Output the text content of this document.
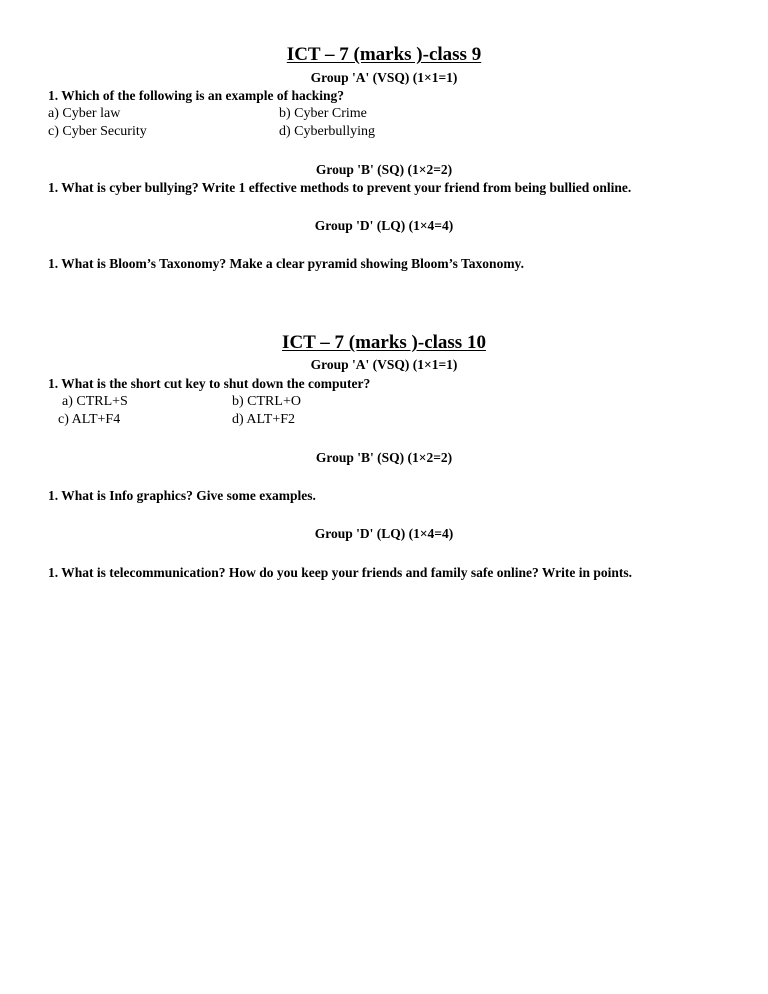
ICT – 7 (marks )-class 9
Group 'A' (VSQ) (1×1=1)
1. Which of the following is an example of hacking?
a) Cyber law	b) Cyber Crime
c) Cyber Security	d) Cyberbullying
Group 'B' (SQ) (1×2=2)
1. What is cyber bullying? Write 1 effective methods to prevent your friend from being bullied online.
Group 'D' (LQ) (1×4=4)
1. What is Bloom’s Taxonomy? Make a clear pyramid showing Bloom’s Taxonomy.
ICT – 7 (marks )-class 10
Group 'A' (VSQ) (1×1=1)
1. What is the short cut key to shut down the computer?
a) CTRL+S	b) CTRL+O
c) ALT+F4	d) ALT+F2
Group 'B' (SQ) (1×2=2)
1. What is Info graphics? Give some examples.
Group 'D' (LQ) (1×4=4)
1. What is telecommunication? How do you keep your friends and family safe online? Write in points.
